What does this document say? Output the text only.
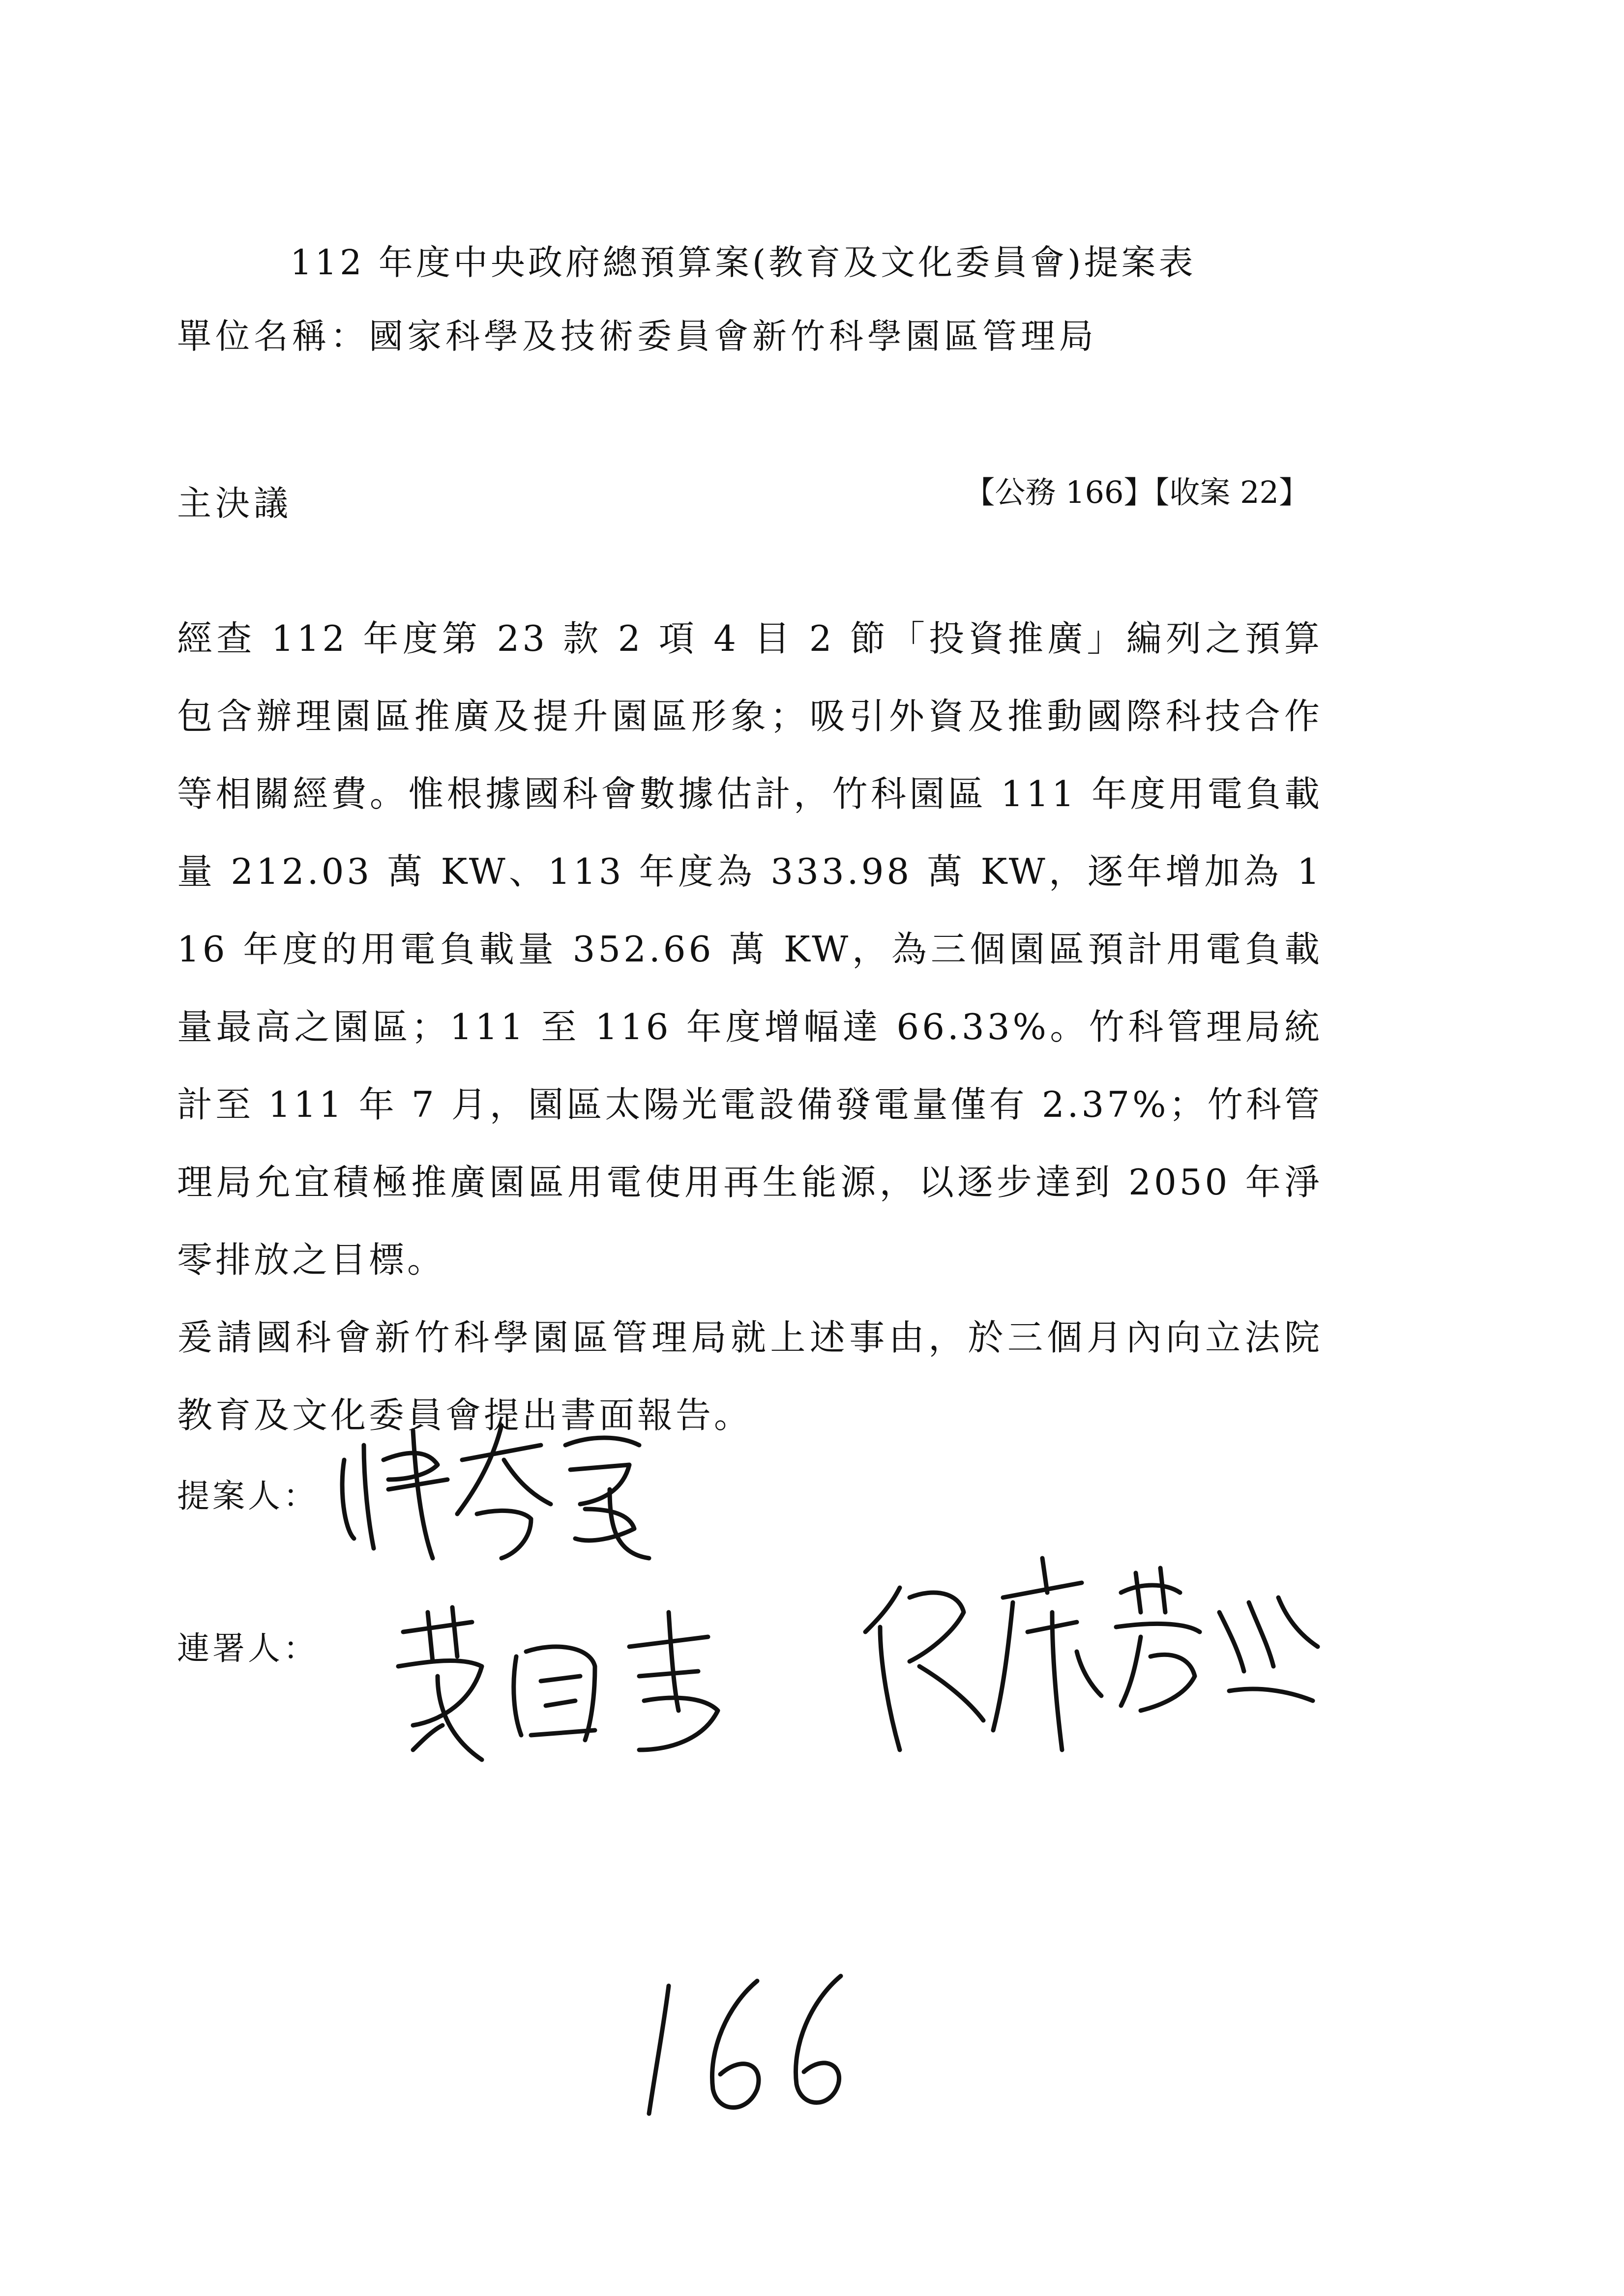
112 年度中央政府總預算案(教育及文化委員會)提案表
單位名稱：國家科學及技術委員會新竹科學園區管理局
主決議	【公務 166】【收案 22】

經查 112 年度第 23 款 2 項 4 目 2 節「投資推廣」編列之預算包含辦理園區推廣及提升園區形象；吸引外資及推動國際科技合作等相關經費。惟根據國科會數據估計，竹科園區 111 年度用電負載量 212.03 萬 KW、113 年度為 333.98 萬 KW，逐年增加為 116 年度的用電負載量 352.66 萬 KW，為三個園區預計用電負載量最高之園區；111 至 116 年度增幅達 66.33%。竹科管理局統計至 111 年 7 月，園區太陽光電設備發電量僅有 2.37%；竹科管理局允宜積極推廣園區用電使用再生能源，以逐步達到 2050 年淨零排放之目標。

爰請國科會新竹科學園區管理局就上述事由，於三個月內向立法院教育及文化委員會提出書面報告。

提案人：
連署人：
